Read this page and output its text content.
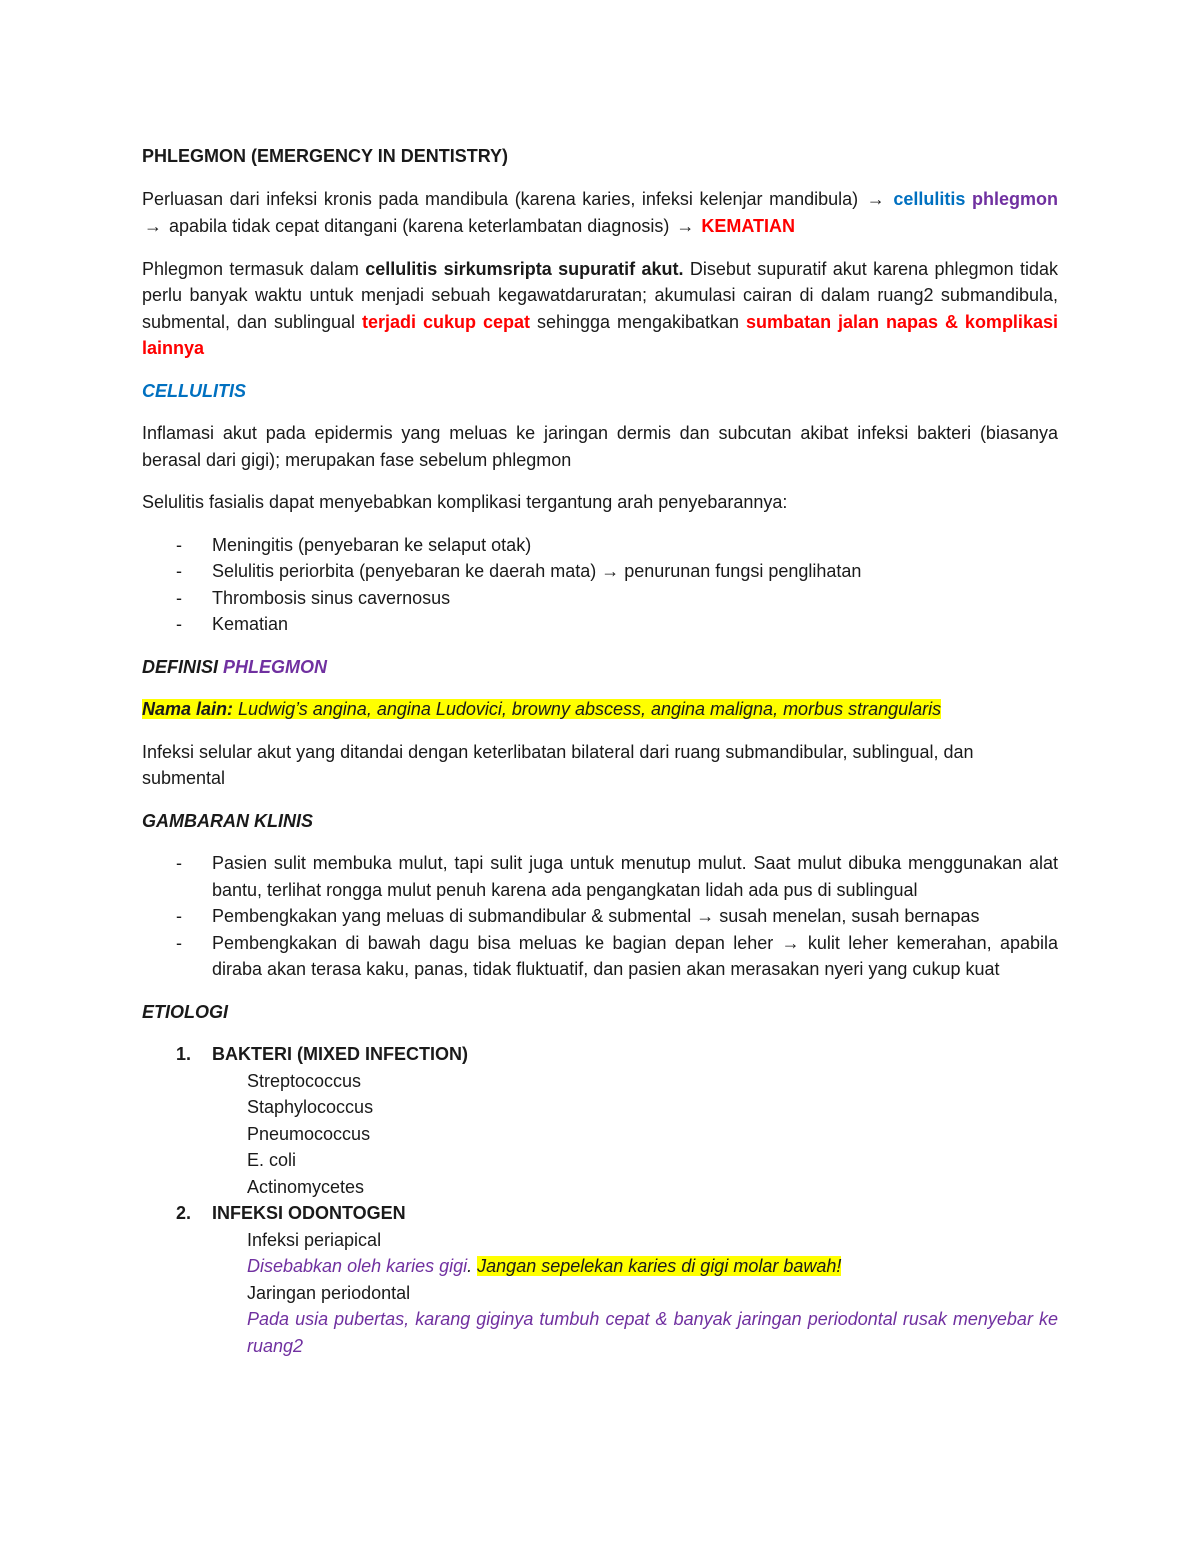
PHLEGMON (EMERGENCY IN DENTISTRY)

Perluasan dari infeksi kronis pada mandibula (karena karies, infeksi kelenjar mandibula) → cellulitis phlegmon → apabila tidak cepat ditangani (karena keterlambatan diagnosis) → KEMATIAN

Phlegmon termasuk dalam cellulitis sirkumsripta supuratif akut. Disebut supuratif akut karena phlegmon tidak perlu banyak waktu untuk menjadi sebuah kegawatdaruratan; akumulasi cairan di dalam ruang2 submandibula, submental, dan sublingual terjadi cukup cepat sehingga mengakibatkan sumbatan jalan napas & komplikasi lainnya

CELLULITIS

Inflamasi akut pada epidermis yang meluas ke jaringan dermis dan subcutan akibat infeksi bakteri (biasanya berasal dari gigi); merupakan fase sebelum phlegmon

Selulitis fasialis dapat menyebabkan komplikasi tergantung arah penyebarannya:

- Meningitis (penyebaran ke selaput otak)
- Selulitis periorbita (penyebaran ke daerah mata) → penurunan fungsi penglihatan
- Thrombosis sinus cavernosus
- Kematian

DEFINISI PHLEGMON

Nama lain: Ludwig’s angina, angina Ludovici, browny abscess, angina maligna, morbus strangularis

Infeksi selular akut yang ditandai dengan keterlibatan bilateral dari ruang submandibular, sublingual, dan submental

GAMBARAN KLINIS

- Pasien sulit membuka mulut, tapi sulit juga untuk menutup mulut. Saat mulut dibuka menggunakan alat bantu, terlihat rongga mulut penuh karena ada pengangkatan lidah ada pus di sublingual
- Pembengkakan yang meluas di submandibular & submental → susah menelan, susah bernapas
- Pembengkakan di bawah dagu bisa meluas ke bagian depan leher → kulit leher kemerahan, apabila diraba akan terasa kaku, panas, tidak fluktuatif, dan pasien akan merasakan nyeri yang cukup kuat

ETIOLOGI

1. BAKTERI (MIXED INFECTION)
Streptococcus
Staphylococcus
Pneumococcus
E. coli
Actinomycetes
2. INFEKSI ODONTOGEN
Infeksi periapical
Disebabkan oleh karies gigi. Jangan sepelekan karies di gigi molar bawah!
Jaringan periodontal
Pada usia pubertas, karang giginya tumbuh cepat & banyak jaringan periodontal rusak menyebar ke ruang2
